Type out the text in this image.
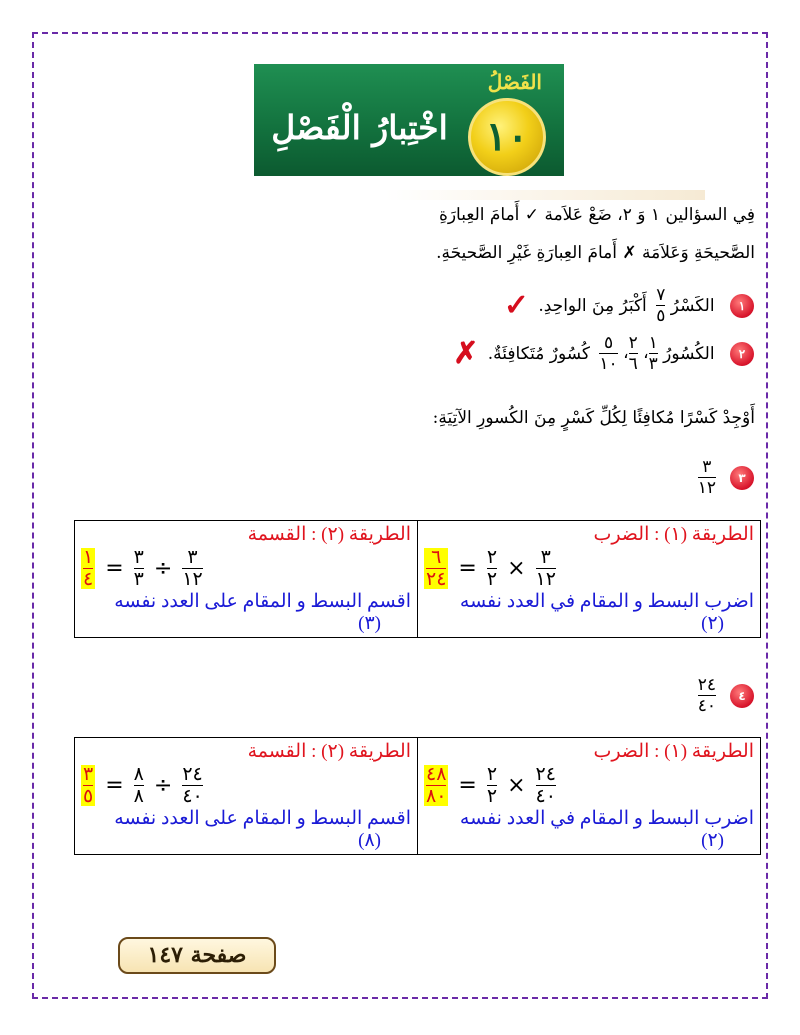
الفَصْلُ
اخْتِبارُ الْفَصْلِ ١٠
فِي السؤالين ١ وَ ٢، ضَعْ عَلاَمة ✓ أَمامَ العِبارَةِ
الصَّحيحَةِ وَعَلاَمَة ✗ أَمامَ العِبارَةِ غَيْرِ الصَّحيحَةِ.
١ الكَسْرُ
$\frac{٧}{٥}$
أَكْبَرُ مِنَ الواحِدِ. ✓
٢ الكُسُورُ
$\frac{١}{٣}$
،
$\frac{٢}{٦}$
،
$\frac{٥}{١٠}$
كُسُورٌ مُتَكافِئَةٌ. ✗
أَوْجِدْ كَسْرًا مُكافِئًا لِكُلِّ كَسْرٍ مِنَ الكُسورِ الآتِيَةِ:
٣
$\frac{٣}{١٢}$
الطريقة (١) : الضرب
$\frac{٣}{١٢}$
×
$\frac{٢}{٢}$
=
$\frac{٦}{٢٤}$
اضرب البسط و المقام في العدد نفسه
(٢)

الطريقة (٢) : القسمة
$\frac{٣}{١٢}$
÷
$\frac{٣}{٣}$
=
$\frac{١}{٤}$
اقسم البسط و المقام على العدد نفسه
(٣)
٤
$\frac{٢٤}{٤٠}$
الطريقة (١) : الضرب
$\frac{٢٤}{٤٠}$
×
$\frac{٢}{٢}$
=
$\frac{٤٨}{٨٠}$
اضرب البسط و المقام في العدد نفسه
(٢)

الطريقة (٢) : القسمة
$\frac{٢٤}{٤٠}$
÷
$\frac{٨}{٨}$
=
$\frac{٣}{٥}$
اقسم البسط و المقام على العدد نفسه
(٨)
صفحة ١٤٧
